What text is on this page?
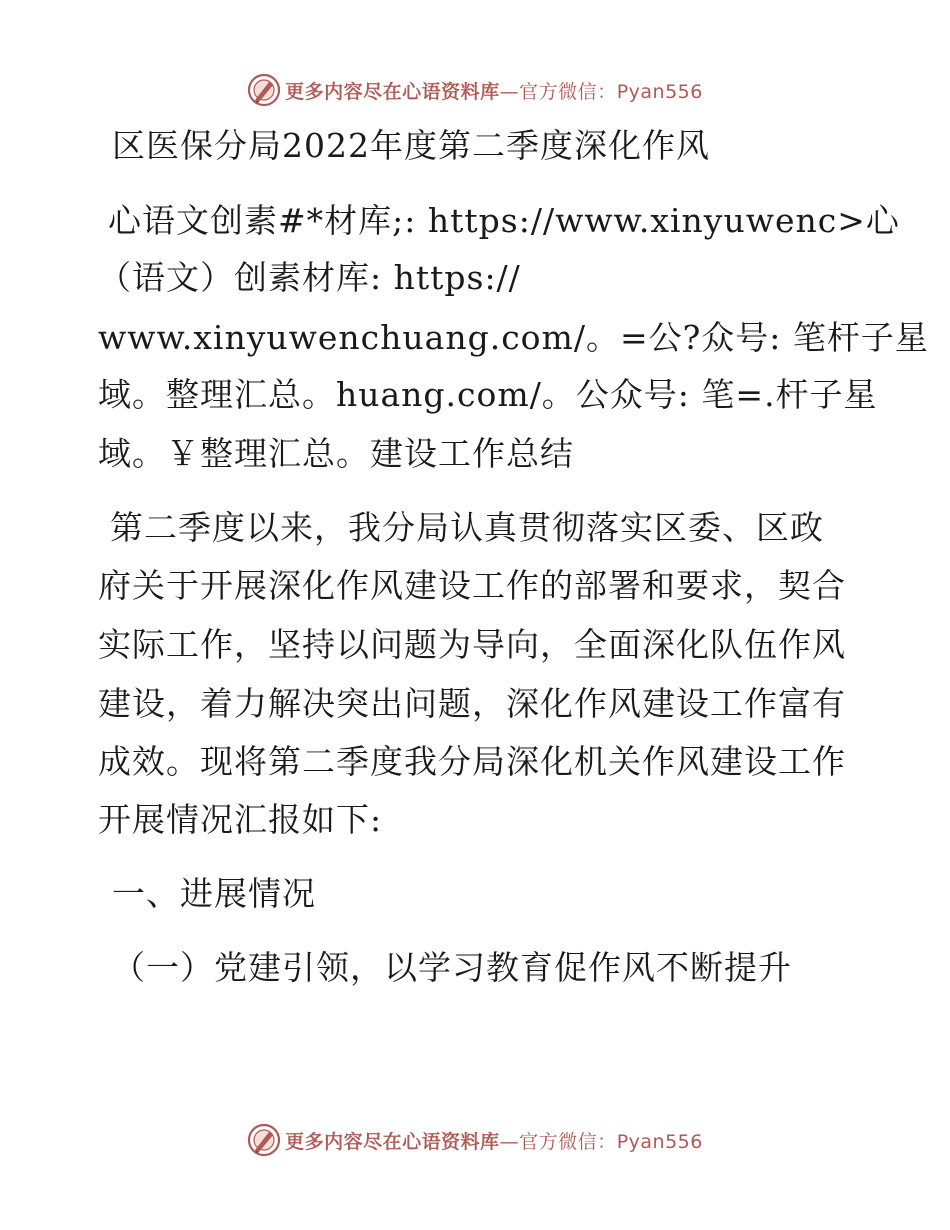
更多内容尽在心语资料库—官方微信：Pyan556
区医保分局2022年度第二季度深化作风
心语文创素#*材库;: https://www.xinyuwenc>心
（语文）创素材库: https://
www.xinyuwenchuang.com/。=公?众号: 笔杆子星
域。整理汇总。huang.com/。公众号: 笔=.杆子星
域。￥整理汇总。建设工作总结
第二季度以来，我分局认真贯彻落实区委、区政
府关于开展深化作风建设工作的部署和要求，契合
实际工作，坚持以问题为导向，全面深化队伍作风
建设，着力解决突出问题，深化作风建设工作富有
成效。现将第二季度我分局深化机关作风建设工作
开展情况汇报如下:
一、进展情况
（一）党建引领，以学习教育促作风不断提升
更多内容尽在心语资料库—官方微信：Pyan556
